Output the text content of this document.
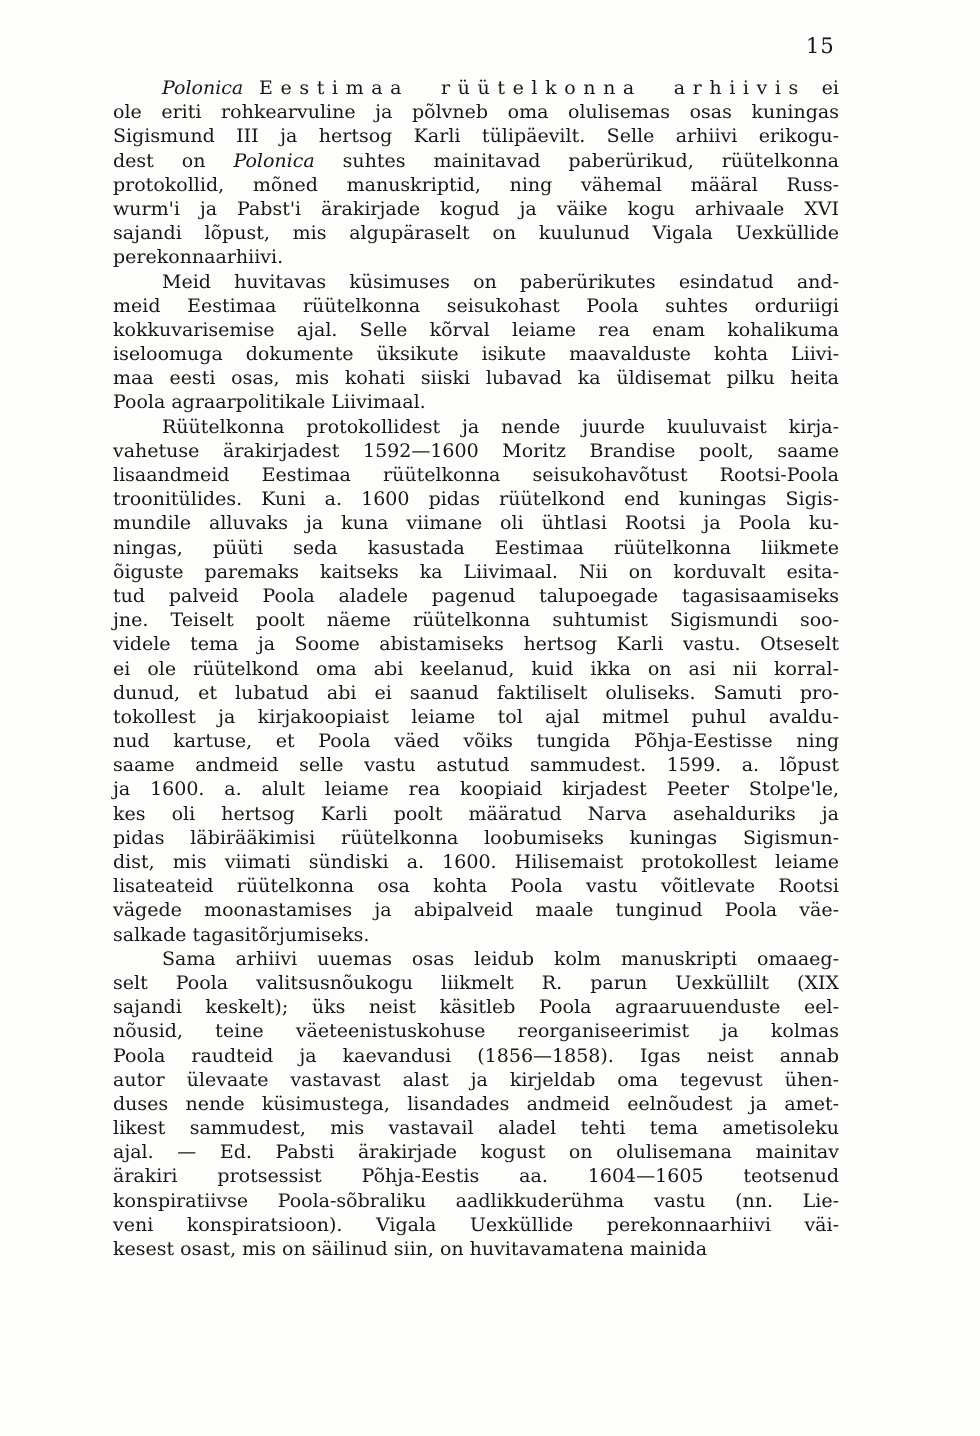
15
Polonica Eestimaa rüütelkonna arhiivis ei
ole eriti rohkearvuline ja põlvneb oma olulisemas osas kuningas
Sigismund III ja hertsog Karli tülipäevilt. Selle arhiivi erikogu-
dest on Polonica suhtes mainitavad paberürikud, rüütelkonna
protokollid, mõned manuskriptid, ning vähemal määral Russ-
wurm'i ja Pabst'i ärakirjade kogud ja väike kogu arhivaale XVI
sajandi lõpust, mis algupäraselt on kuulunud Vigala Uexküllide
perekonnaarhiivi.
Meid huvitavas küsimuses on paberürikutes esindatud and-
meid Eestimaa rüütelkonna seisukohast Poola suhtes orduriigi
kokkuvarisemise ajal. Selle kõrval leiame rea enam kohalikuma
iseloomuga dokumente üksikute isikute maavalduste kohta Liivi-
maa eesti osas, mis kohati siiski lubavad ka üldisemat pilku heita
Poola agraarpolitikale Liivimaal.
Rüütelkonna protokollidest ja nende juurde kuuluvaist kirja-
vahetuse ärakirjadest 1592—1600 Moritz Brandise poolt, saame
lisaandmeid Eestimaa rüütelkonna seisukohavõtust Rootsi-Poola
troonitülides. Kuni a. 1600 pidas rüütelkond end kuningas Sigis-
mundile alluvaks ja kuna viimane oli ühtlasi Rootsi ja Poola ku-
ningas, püüti seda kasustada Eestimaa rüütelkonna liikmete
õiguste paremaks kaitseks ka Liivimaal. Nii on korduvalt esita-
tud palveid Poola aladele pagenud talupoegade tagasisaamiseks
jne. Teiselt poolt näeme rüütelkonna suhtumist Sigismundi soo-
videle tema ja Soome abistamiseks hertsog Karli vastu. Otseselt
ei ole rüütelkond oma abi keelanud, kuid ikka on asi nii korral-
dunud, et lubatud abi ei saanud faktiliselt oluliseks. Samuti pro-
tokollest ja kirjakoopiaist leiame tol ajal mitmel puhul avaldu-
nud kartuse, et Poola väed võiks tungida Põhja-Eestisse ning
saame andmeid selle vastu astutud sammudest. 1599. a. lõpust
ja 1600. a. alult leiame rea koopiaid kirjadest Peeter Stolpe'le,
kes oli hertsog Karli poolt määratud Narva asehalduriks ja
pidas läbirääkimisi rüütelkonna loobumiseks kuningas Sigismun-
dist, mis viimati sündiski a. 1600. Hilisemaist protokollest leiame
lisateateid rüütelkonna osa kohta Poola vastu võitlevate Rootsi
vägede moonastamises ja abipalveid maale tunginud Poola väe-
salkade tagasitõrjumiseks.
Sama arhiivi uuemas osas leidub kolm manuskripti omaaeg-
selt Poola valitsusnõukogu liikmelt R. parun Uexküllilt (XIX
sajandi keskelt); üks neist käsitleb Poola agraaruuenduste eel-
nõusid, teine väeteenistuskohuse reorganiseerimist ja kolmas
Poola raudteid ja kaevandusi (1856—1858). Igas neist annab
autor ülevaate vastavast alast ja kirjeldab oma tegevust ühen-
duses nende küsimustega, lisandades andmeid eelnõudest ja amet-
likest sammudest, mis vastavail aladel tehti tema ametisoleku
ajal. — Ed. Pabsti ärakirjade kogust on olulisemana mainitav
ärakiri protsessist Põhja-Eestis aa. 1604—1605 teotsenud
konspiratiivse Poola-sõbraliku aadlikkuderühma vastu (nn. Lie-
veni konspiratsioon). Vigala Uexküllide perekonnaarhiivi väi-
kesest osast, mis on säilinud siin, on huvitavamatena mainida
